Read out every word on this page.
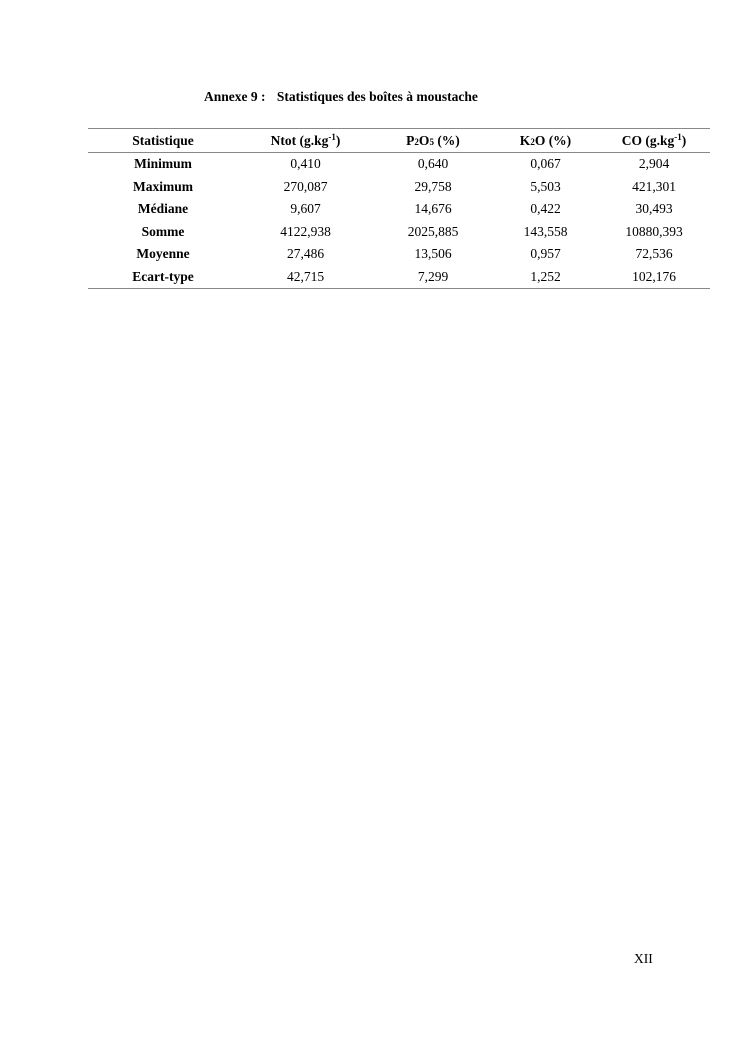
Annexe 9 : Statistiques des boîtes à moustache
Statistique	Ntot $(g.kg^{-1})$	P2O5 (%)	K2O (%)	CO $(g.kg^{-1})$
Minimum	0,410	0,640	0,067	2,904
Maximum	270,087	29,758	5,503	421,301
Médiane	9,607	14,676	0,422	30,493
Somme	4122,938	2025,885	143,558	10880,393
Moyenne	27,486	13,506	0,957	72,536
Ecart-type	42,715	7,299	1,252	102,176
XII
